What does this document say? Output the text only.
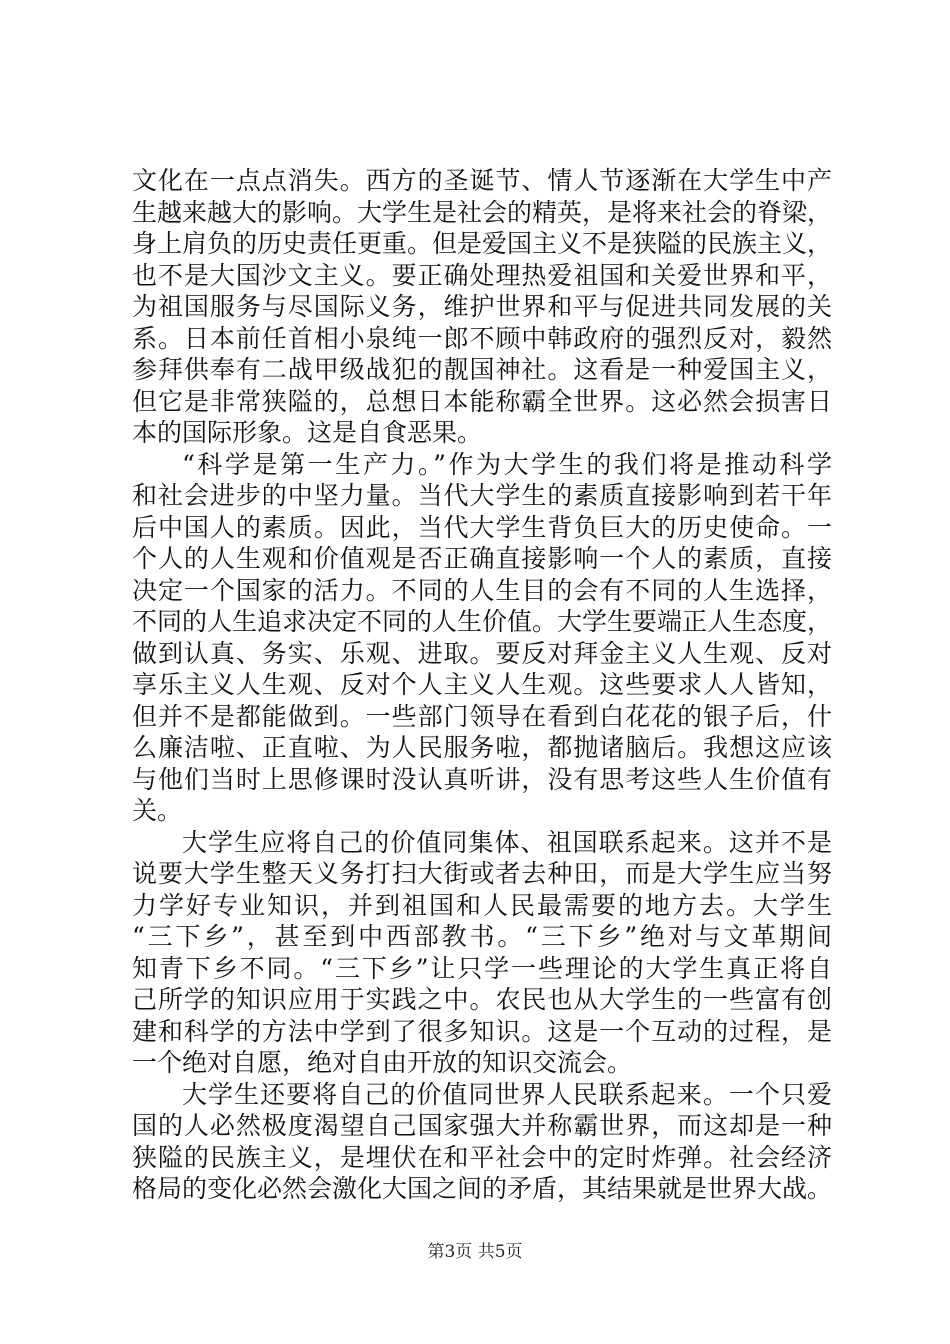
文化在一点点消失。西方的圣诞节、情人节逐渐在大学生中产
生越来越大的影响。大学生是社会的精英，是将来社会的脊梁，
身上肩负的历史责任更重。但是爱国主义不是狭隘的民族主义，
也不是大国沙文主义。要正确处理热爱祖国和关爱世界和平，
为祖国服务与尽国际义务，维护世界和平与促进共同发展的关
系。日本前任首相小泉纯一郎不顾中韩政府的强烈反对，毅然
参拜供奉有二战甲级战犯的靓国神社。这看是一种爱国主义，
但它是非常狭隘的，总想日本能称霸全世界。这必然会损害日
本的国际形象。这是自食恶果。
“科学是第一生产力。”作为大学生的我们将是推动科学
和社会进步的中坚力量。当代大学生的素质直接影响到若干年
后中国人的素质。因此，当代大学生背负巨大的历史使命。一
个人的人生观和价值观是否正确直接影响一个人的素质，直接
决定一个国家的活力。不同的人生目的会有不同的人生选择，
不同的人生追求决定不同的人生价值。大学生要端正人生态度，
做到认真、务实、乐观、进取。要反对拜金主义人生观、反对
享乐主义人生观、反对个人主义人生观。这些要求人人皆知，
但并不是都能做到。一些部门领导在看到白花花的银子后，什
么廉洁啦、正直啦、为人民服务啦，都抛诸脑后。我想这应该
与他们当时上思修课时没认真听讲，没有思考这些人生价值有
关。
大学生应将自己的价值同集体、祖国联系起来。这并不是
说要大学生整天义务打扫大街或者去种田，而是大学生应当努
力学好专业知识，并到祖国和人民最需要的地方去。大学生
“三下乡”，甚至到中西部教书。“三下乡”绝对与文革期间
知青下乡不同。“三下乡”让只学一些理论的大学生真正将自
己所学的知识应用于实践之中。农民也从大学生的一些富有创
建和科学的方法中学到了很多知识。这是一个互动的过程，是
一个绝对自愿，绝对自由开放的知识交流会。
大学生还要将自己的价值同世界人民联系起来。一个只爱
国的人必然极度渴望自己国家强大并称霸世界，而这却是一种
狭隘的民族主义，是埋伏在和平社会中的定时炸弹。社会经济
格局的变化必然会激化大国之间的矛盾，其结果就是世界大战。
第3页 共5页
